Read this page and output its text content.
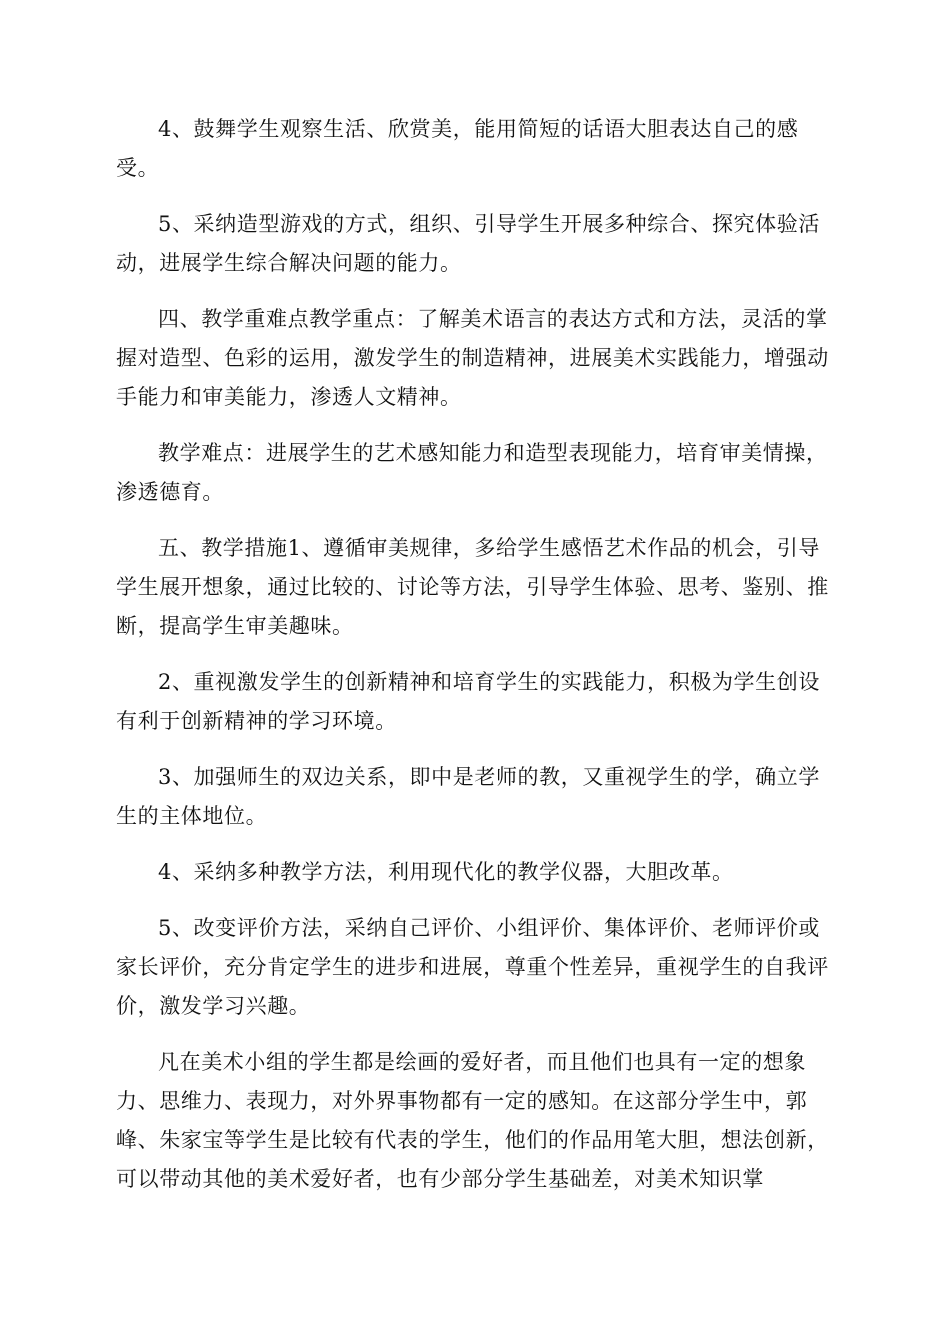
4、鼓舞学生观察生活、欣赏美，能用简短的话语大胆表达自己的感受。

5、采纳造型游戏的方式，组织、引导学生开展多种综合、探究体验活动，进展学生综合解决问题的能力。

四、教学重难点教学重点：了解美术语言的表达方式和方法，灵活的掌握对造型、色彩的运用，激发学生的制造精神，进展美术实践能力，增强动手能力和审美能力，渗透人文精神。

教学难点：进展学生的艺术感知能力和造型表现能力，培育审美情操，渗透德育。

五、教学措施1、遵循审美规律，多给学生感悟艺术作品的机会，引导学生展开想象，通过比较的、讨论等方法，引导学生体验、思考、鉴别、推断，提高学生审美趣味。

2、重视激发学生的创新精神和培育学生的实践能力，积极为学生创设有利于创新精神的学习环境。

3、加强师生的双边关系，即中是老师的教，又重视学生的学，确立学生的主体地位。

4、采纳多种教学方法，利用现代化的教学仪器，大胆改革。

5、改变评价方法，采纳自己评价、小组评价、集体评价、老师评价或家长评价，充分肯定学生的进步和进展，尊重个性差异，重视学生的自我评价，激发学习兴趣。

凡在美术小组的学生都是绘画的爱好者，而且他们也具有一定的想象力、思维力、表现力，对外界事物都有一定的感知。在这部分学生中，郭峰、朱家宝等学生是比较有代表的学生，他们的作品用笔大胆，想法创新，可以带动其他的美术爱好者，也有少部分学生基础差，对美术知识掌
